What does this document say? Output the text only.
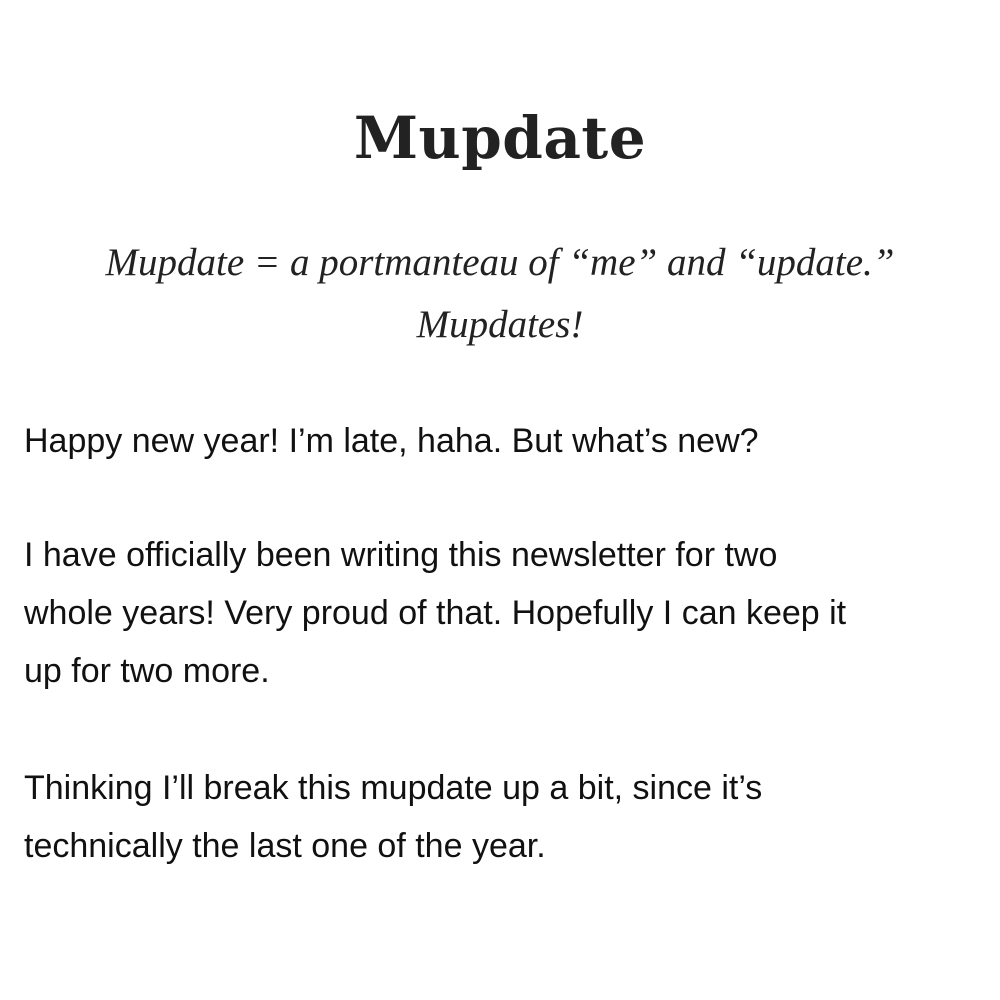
Mupdate

Mupdate = a portmanteau of “me” and “update.”
Mupdates!

Happy new year! I’m late, haha. But what’s new?

I have officially been writing this newsletter for two
whole years! Very proud of that. Hopefully I can keep it
up for two more.

Thinking I’ll break this mupdate up a bit, since it’s
technically the last one of the year.
